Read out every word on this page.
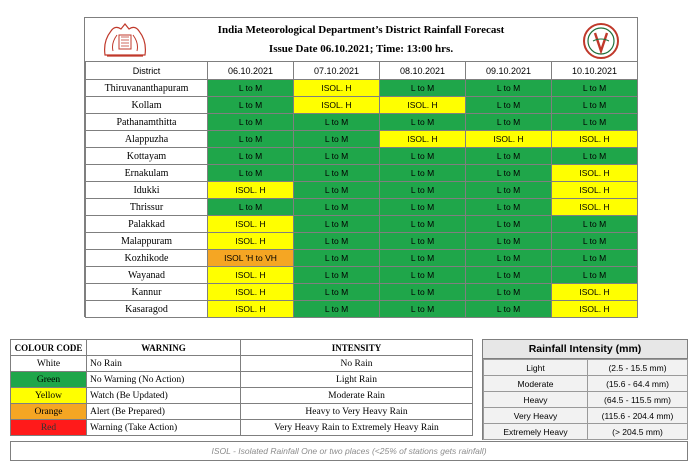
India Meteorological Department’s District Rainfall Forecast
Issue Date 06.10.2021; Time: 13:00 hrs.
District	06.10.2021	07.10.2021	08.10.2021	09.10.2021	10.10.2021
Thiruvananthapuram	L to M	ISOL. H	L to M	L to M	L to M
Kollam	L to M	ISOL. H	ISOL. H	L to M	L to M
Pathanamthitta	L to M	L to M	L to M	L to M	L to M
Alappuzha	L to M	L to M	ISOL. H	ISOL. H	ISOL. H
Kottayam	L to M	L to M	L to M	L to M	L to M
Ernakulam	L to M	L to M	L to M	L to M	ISOL. H
Idukki	ISOL. H	L to M	L to M	L to M	ISOL. H
Thrissur	L to M	L to M	L to M	L to M	ISOL. H
Palakkad	ISOL. H	L to M	L to M	L to M	L to M
Malappuram	ISOL. H	L to M	L to M	L to M	L to M
Kozhikode	ISOL 'H to VH	L to M	L to M	L to M	L to M
Wayanad	ISOL. H	L to M	L to M	L to M	L to M
Kannur	ISOL. H	L to M	L to M	L to M	ISOL. H
Kasaragod	ISOL. H	L to M	L to M	L to M	ISOL. H
COLOUR CODE	WARNING	INTENSITY
White	No Rain	No Rain
Green	No Warning (No Action)	Light Rain
Yellow	Watch (Be Updated)	Moderate Rain
Orange	Alert (Be Prepared)	Heavy to Very Heavy Rain
Red	Warning (Take Action)	Very Heavy Rain to Extremely Heavy Rain
Rainfall Intensity (mm)
Light	(2.5 - 15.5 mm)
Moderate	(15.6 - 64.4 mm)
Heavy	(64.5 - 115.5 mm)
Very Heavy	(115.6 - 204.4 mm)
Extremely Heavy	(> 204.5 mm)
ISOL - Isolated Rainfall One or two places (<25% of stations gets rainfall)
